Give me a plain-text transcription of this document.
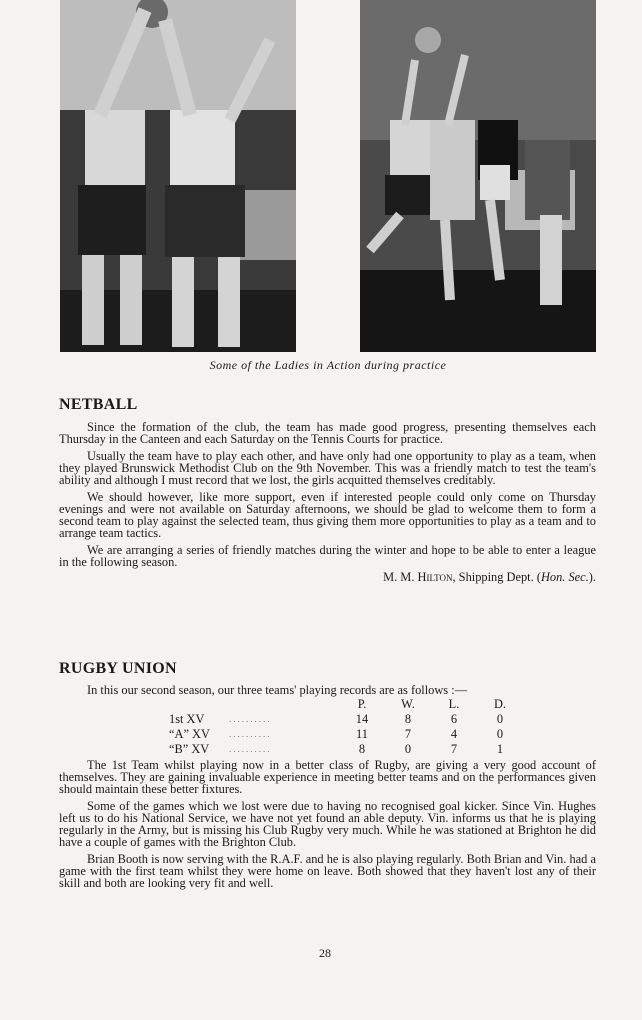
Some of the Ladies in Action during practice
NETBALL

Since the formation of the club, the team has made good progress, presenting themselves each Thursday in the Canteen and each Saturday on the Tennis Courts for practice.

Usually the team have to play each other, and have only had one opportunity to play as a team, when they played Brunswick Methodist Club on the 9th November. This was a friendly match to test the team's ability and although I must record that we lost, the girls acquitted themselves creditably.

We should however, like more support, even if interested people could only come on Thursday evenings and were not available on Saturday afternoons, we should be glad to welcome them to form a second team to play against the selected team, thus giving them more opportunities to play as a team and to arrange team tactics.

We are arranging a series of friendly matches during the winter and hope to be able to enter a league in the following season.

M. M. Hilton, Shipping Dept. (Hon. Sec.).
RUGBY UNION

In this our second season, our three teams' playing records are as follows :—

		P.	W.	L.	D.
1st XV	..........	14	8	6	0
“A” XV	..........	11	7	4	0
“B” XV	..........	8	0	7	1

The 1st Team whilst playing now in a better class of Rugby, are giving a very good account of themselves. They are gaining invaluable experience in meeting better teams and on the performances given should maintain these better fixtures.

Some of the games which we lost were due to having no recognised goal kicker. Since Vin. Hughes left us to do his National Service, we have not yet found an able deputy. Vin. informs us that he is playing regularly in the Army, but is missing his Club Rugby very much. While he was stationed at Brighton he did have a couple of games with the Brighton Club.

Brian Booth is now serving with the R.A.F. and he is also playing regularly. Both Brian and Vin. had a game with the first team whilst they were home on leave. Both showed that they haven't lost any of their skill and both are looking very fit and well.

28
